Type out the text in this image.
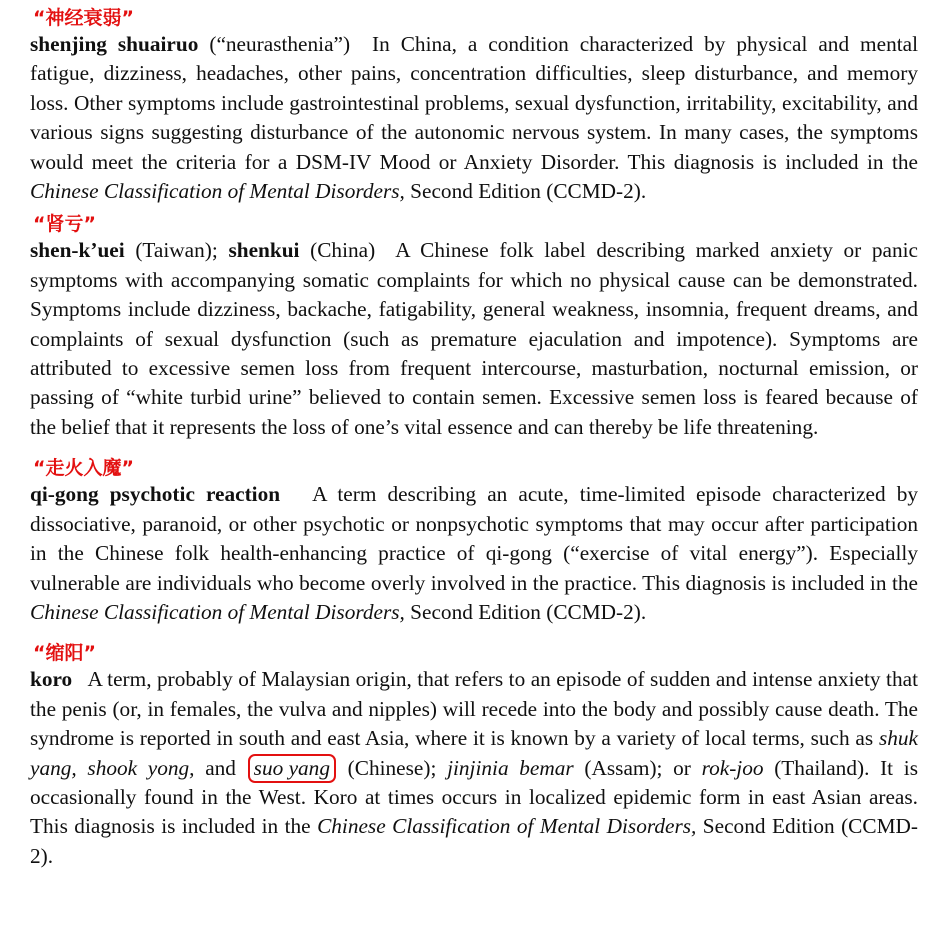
“神经衰弱”

shenjing shuairuo (“neurasthenia”) In China, a condition characterized by physical and mental fatigue, dizziness, headaches, other pains, concentration difficulties, sleep disturbance, and memory loss. Other symptoms include gastrointestinal problems, sexual dysfunction, irritability, excitability, and various signs suggesting disturbance of the autonomic nervous system. In many cases, the symptoms would meet the criteria for a DSM-IV Mood or Anxiety Disorder. This diagnosis is included in the Chinese Classification of Mental Disorders, Second Edition (CCMD-2).

“肾亏”

shen-k’uei (Taiwan); shenkui (China) A Chinese folk label describing marked anxiety or panic symptoms with accompanying somatic complaints for which no physical cause can be demonstrated. Symptoms include dizziness, backache, fatigability, general weakness, insomnia, frequent dreams, and complaints of sexual dysfunction (such as premature ejaculation and impotence). Symptoms are attributed to excessive semen loss from frequent intercourse, masturbation, nocturnal emission, or passing of “white turbid urine” believed to contain semen. Excessive semen loss is feared because of the belief that it represents the loss of one’s vital essence and can thereby be life threatening.

“走火入魔”

qi-gong psychotic reaction A term describing an acute, time-limited episode characterized by dissociative, paranoid, or other psychotic or nonpsychotic symptoms that may occur after participation in the Chinese folk health-enhancing practice of qi-gong (“exercise of vital energy”). Especially vulnerable are individuals who become overly involved in the practice. This diagnosis is included in the Chinese Classification of Mental Disorders, Second Edition (CCMD-2).

“缩阳”

koro A term, probably of Malaysian origin, that refers to an episode of sudden and intense anxiety that the penis (or, in females, the vulva and nipples) will recede into the body and possibly cause death. The syndrome is reported in south and east Asia, where it is known by a variety of local terms, such as shuk yang, shook yong, and suo yang (Chinese); jinjinia bemar (Assam); or rok-joo (Thailand). It is occasionally found in the West. Koro at times occurs in localized epidemic form in east Asian areas. This diagnosis is included in the Chinese Classification of Mental Disorders, Second Edition (CCMD-2).
